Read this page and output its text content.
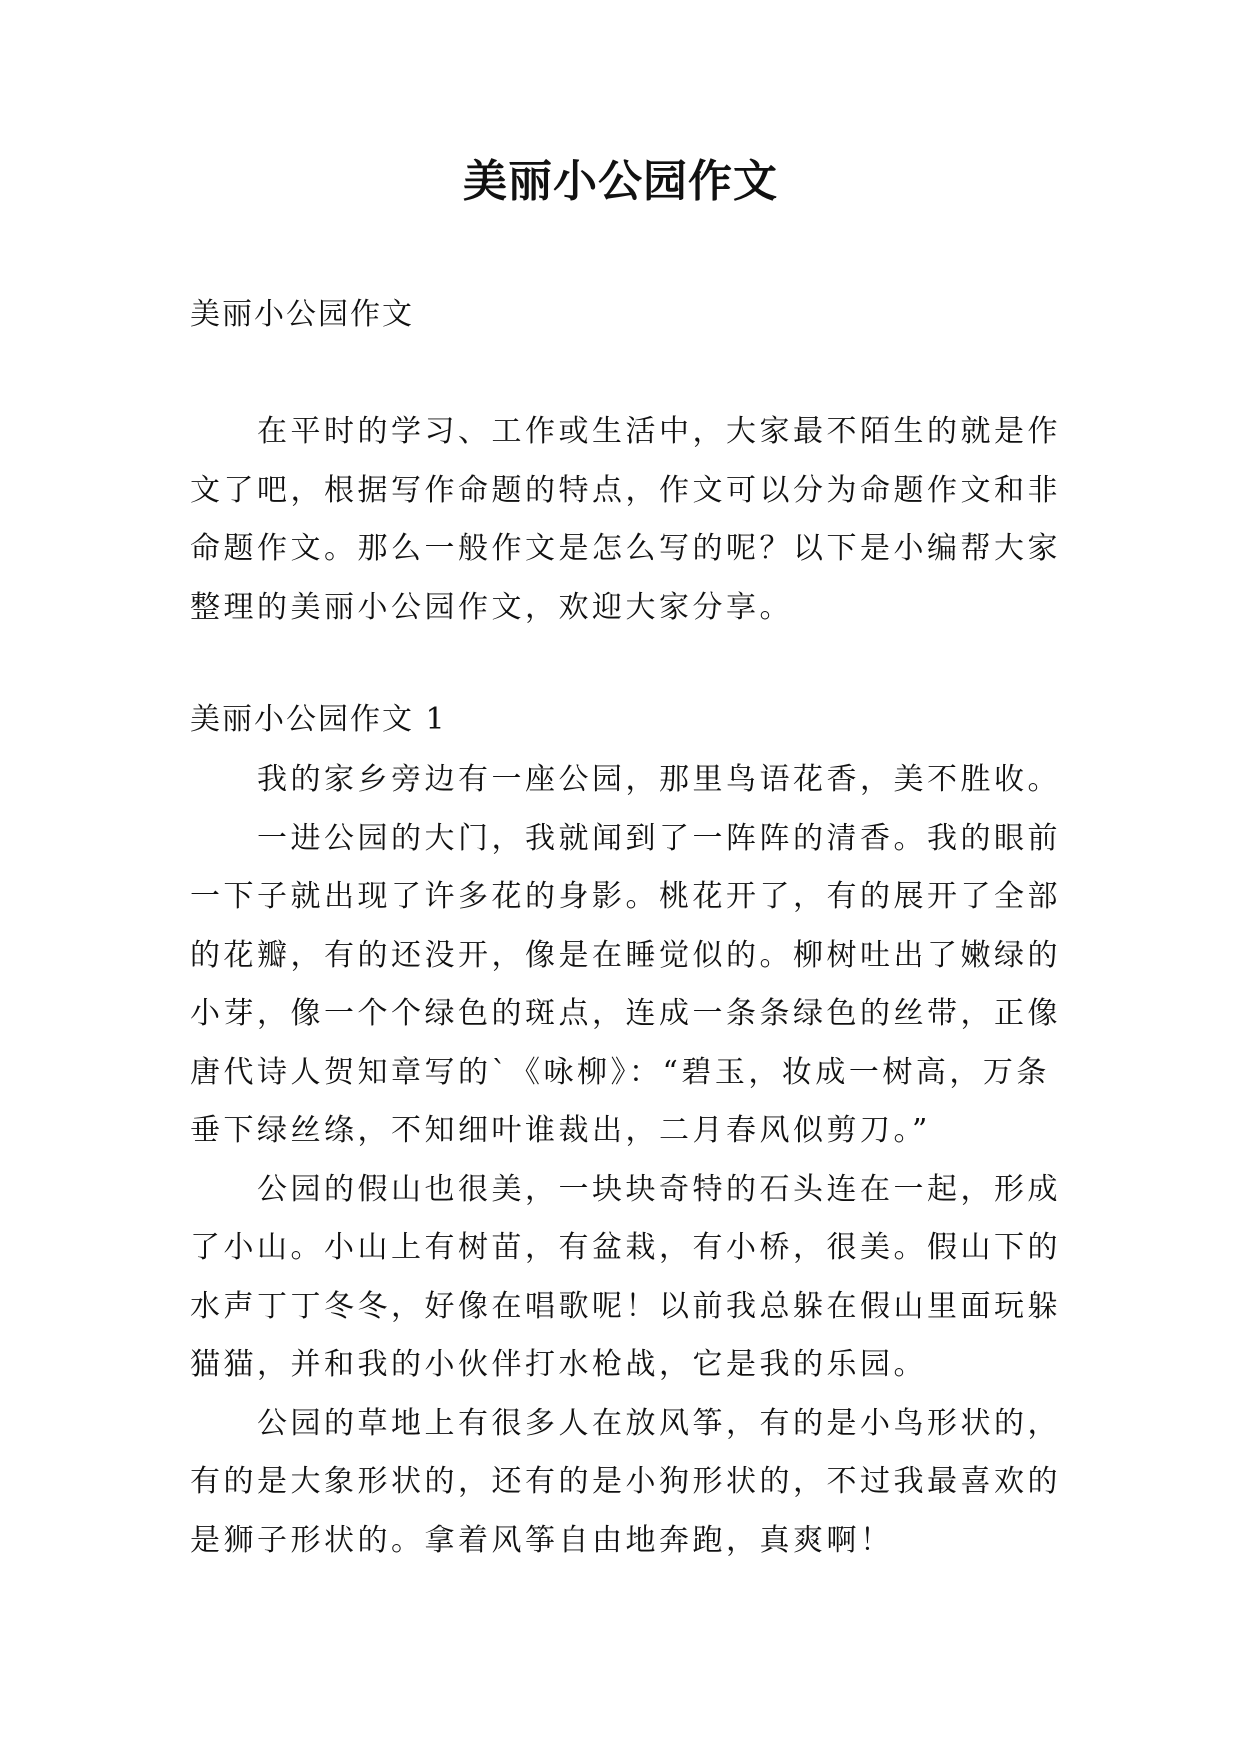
美丽小公园作文

美丽小公园作文

在平时的学习、工作或生活中，大家最不陌生的就是作
文了吧，根据写作命题的特点，作文可以分为命题作文和非
命题作文。那么一般作文是怎么写的呢？以下是小编帮大家
整理的美丽小公园作文，欢迎大家分享。

美丽小公园作文 1

我的家乡旁边有一座公园，那里鸟语花香，美不胜收。
一进公园的大门，我就闻到了一阵阵的清香。我的眼前
一下子就出现了许多花的身影。桃花开了，有的展开了全部
的花瓣，有的还没开，像是在睡觉似的。柳树吐出了嫩绿的
小芽，像一个个绿色的斑点，连成一条条绿色的丝带，正像
唐代诗人贺知章写的`《咏柳》：“碧玉，妆成一树高，万条
垂下绿丝绦，不知细叶谁裁出，二月春风似剪刀。”
公园的假山也很美，一块块奇特的石头连在一起，形成
了小山。小山上有树苗，有盆栽，有小桥，很美。假山下的
水声丁丁冬冬，好像在唱歌呢！以前我总躲在假山里面玩躲
猫猫，并和我的小伙伴打水枪战，它是我的乐园。
公园的草地上有很多人在放风筝，有的是小鸟形状的，
有的是大象形状的，还有的是小狗形状的，不过我最喜欢的
是狮子形状的。拿着风筝自由地奔跑，真爽啊！
